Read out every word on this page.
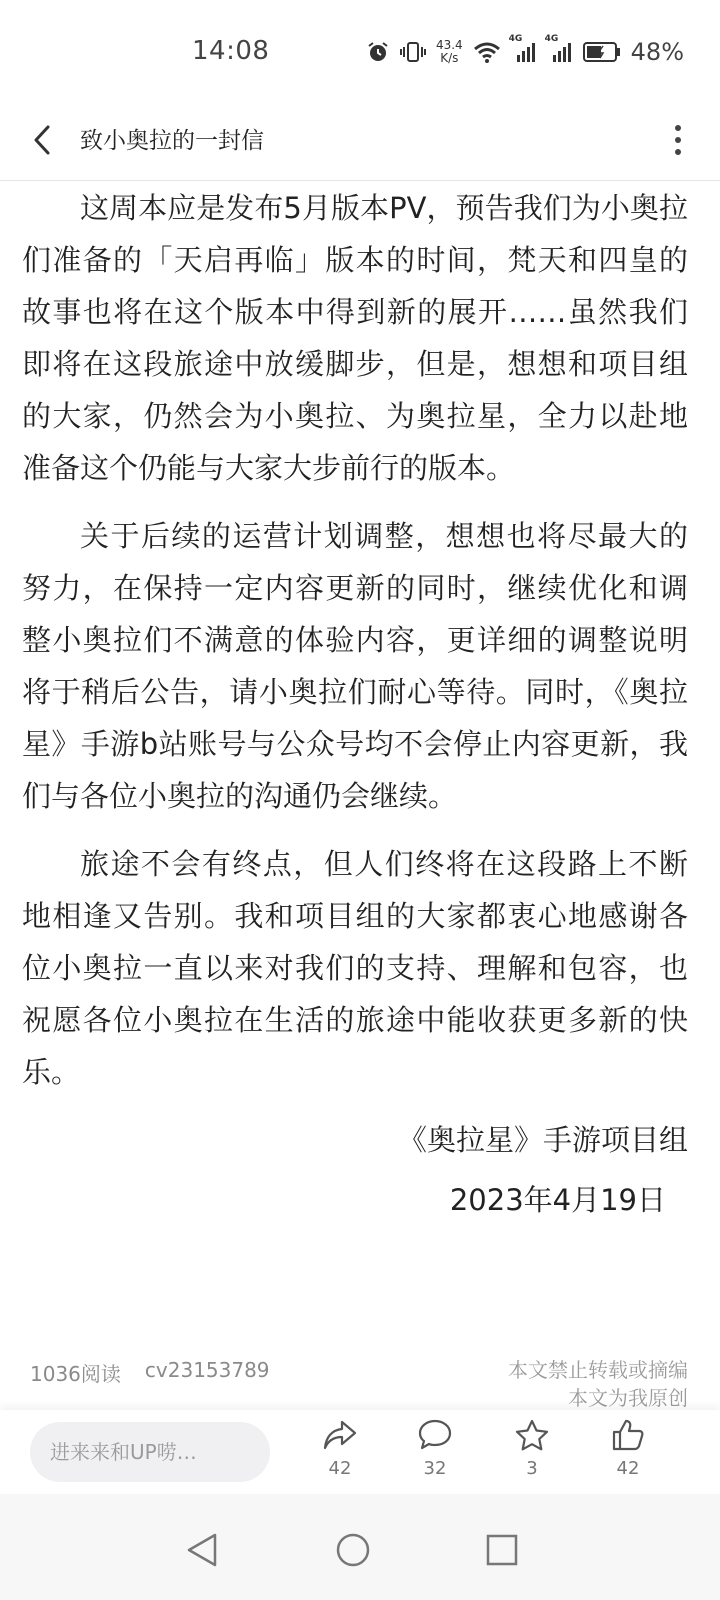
14:08	43.4
K/s
4G 4G	48%
致小奥拉的一封信

这周本应是发布5月版本PV，预告我们为小奥拉们准备的「天启再临」版本的时间，梵天和四皇的故事也将在这个版本中得到新的展开……虽然我们即将在这段旅途中放缓脚步，但是，想想和项目组的大家，仍然会为小奥拉、为奥拉星，全力以赴地准备这个仍能与大家大步前行的版本。

关于后续的运营计划调整，想想也将尽最大的努力，在保持一定内容更新的同时，继续优化和调整小奥拉们不满意的体验内容，更详细的调整说明将于稍后公告，请小奥拉们耐心等待。同时，《奥拉星》手游b站账号与公众号均不会停止内容更新，我们与各位小奥拉的沟通仍会继续。

旅途不会有终点，但人们终将在这段路上不断地相逢又告别。我和项目组的大家都衷心地感谢各位小奥拉一直以来对我们的支持、理解和包容，也祝愿各位小奥拉在生活的旅途中能收获更多新的快乐。

《奥拉星》手游项目组
2023年4月19日
1036阅读 cv23153789	本文禁止转载或摘编
本文为我原创
进来来和UP唠…
42	32	3	42
